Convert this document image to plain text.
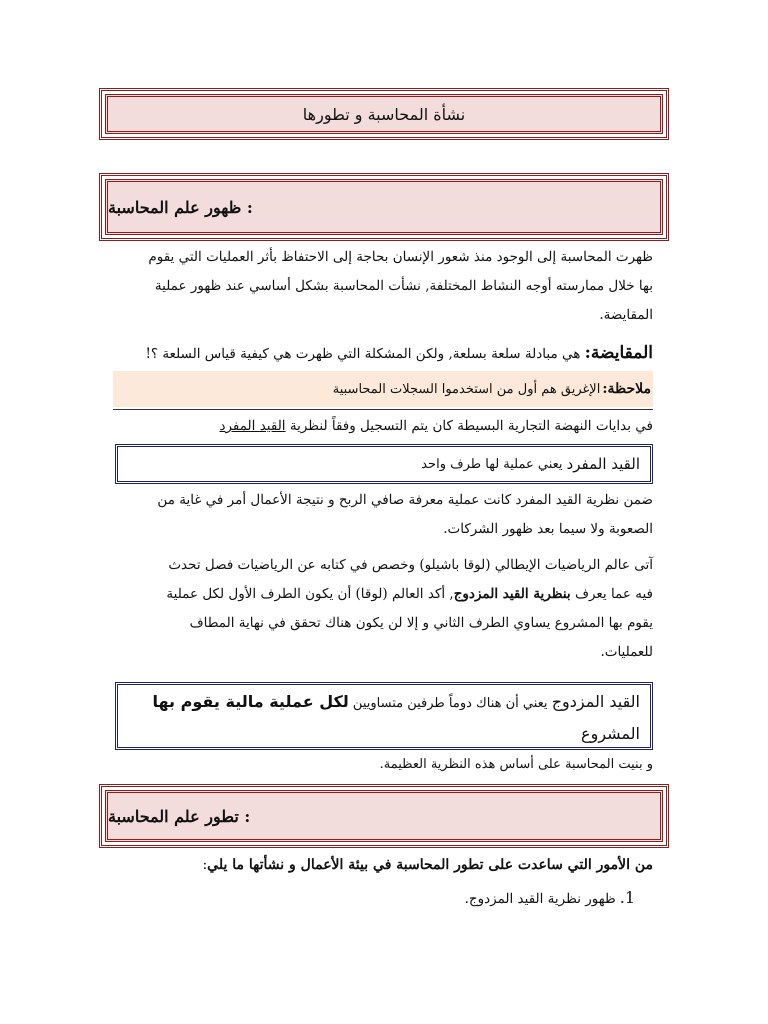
نشأة المحاسبة و تطورها
ظهور علم المحاسبة :
ظهرت المحاسبة إلى الوجود منذ شعور الإنسان بحاجة إلى الاحتفاظ بأثر العمليات التي يقوم
بها خلال ممارسته أوجه النشاط المختلفة, نشأت المحاسبة بشكل أساسي عند ظهور عملية
المقايضة.
المقايضة: هي مبادلة سلعة بسلعة, ولكن المشكلة التي ظهرت هي كيفية قياس السلعة ؟!
ملاحظة:
الإغريق هم أول من استخدموا السجلات المحاسبية
في بدايات النهضة التجارية البسيطة كان يتم التسجيل وفقاً لنظرية القيد المفرد
القيد المفرد
يعني عملية لها طرف واحد
ضمن نظرية القيد المفرد كانت عملية معرفة صافي الربح و نتيجة الأعمال أمر في غاية من
الصعوبة ولا سيما بعد ظهور الشركات.
آتى عالم الرياضيات الإيطالي (لوقا باشيلو) وخصص في كتابه عن الرياضيات فصل تحدث
فيه عما يعرف بنظرية القيد المزدوج, أكد العالم (لوقا) أن يكون الطرف الأول لكل عملية
يقوم بها المشروع يساوي الطرف الثاني و إلا لن يكون هناك تحقق في نهاية المطاف
للعمليات.
القيد المزدوج يعني أن هناك دوماً طرفين متساويين لكل عملية مالية يقوم بها
المشروع
و بنيت المحاسبة على أساس هذه النظرية العظيمة.
تطور علم المحاسبة :
من الأمور التي ساعدت على تطور المحاسبة في بيئة الأعمال و نشأتها ما يلي:
1.ظهور نظرية القيد المزدوج.
